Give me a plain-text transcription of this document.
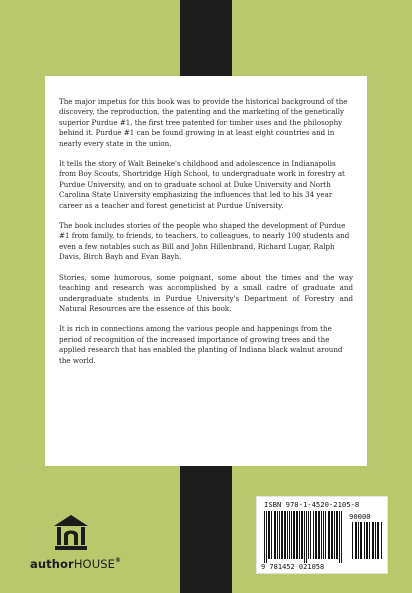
The major impetus for this book was to provide the historical background of the discovery, the reproduction, the patenting and the marketing of the genetically superior Purdue #1, the first tree patented for timber uses and the philosophy behind it. Purdue #1 can be found growing in at least eight countries and in nearly every state in the union.

It tells the story of Walt Beineke's childhood and adolescence in Indianapolis from Boy Scouts, Shortridge High School, to undergraduate work in forestry at Purdue University, and on to graduate school at Duke University and North Carolina State University emphasizing the influences that led to his 34 year career as a teacher and forest geneticist at Purdue University.

The book includes stories of the people who shaped the development of Purdue #1 from family, to friends, to teachers, to colleagues, to nearly 100 students and even a few notables such as Bill and John Hillenbrand, Richard Lugar, Ralph Davis, Birch Bayh and Evan Bayh.

Stories, some humorous, some poignant, some about the times and the way teaching and research was accomplished by a small cadre of graduate and undergraduate students in Purdue University's Department of Forestry and Natural Resources are the essence of this book.

It is rich in connections among the various people and happenings from the period of recognition of the increased importance of growing trees and the applied research that has enabled the planting of Indiana black walnut around the world.

authorHOUSE®
ISBN 978-1-4520-2105-8
90000
9 781452 021058
